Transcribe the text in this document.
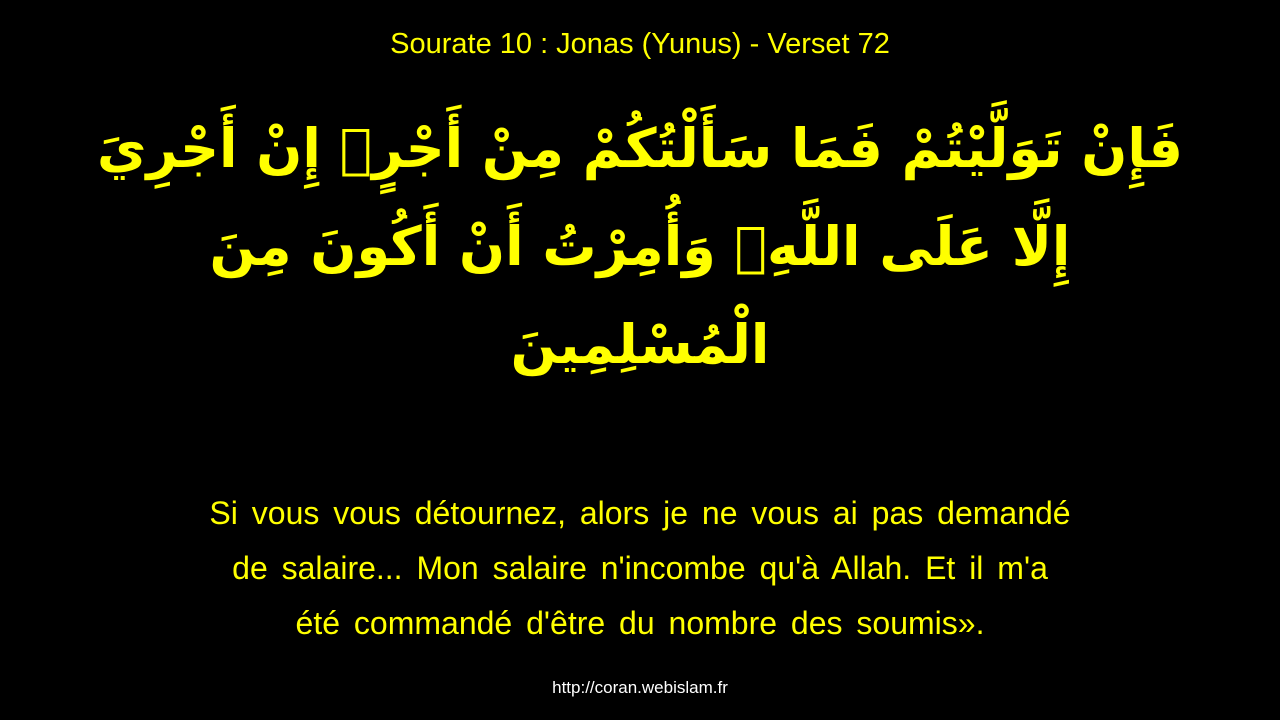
Sourate 10 : Jonas (Yunus) - Verset 72
فَإِنْ تَوَلَّيْتُمْ فَمَا سَأَلْتُكُمْ مِنْ أَجْرٍۖ إِنْ أَجْرِيَ
إِلَّا عَلَى اللَّهِۖ وَأُمِرْتُ أَنْ أَكُونَ مِنَ
الْمُسْلِمِينَ
Si vous vous détournez, alors je ne vous ai pas demandé
de salaire... Mon salaire n'incombe qu'à Allah. Et il m'a
été commandé d'être du nombre des soumis».
http://coran.webislam.fr
